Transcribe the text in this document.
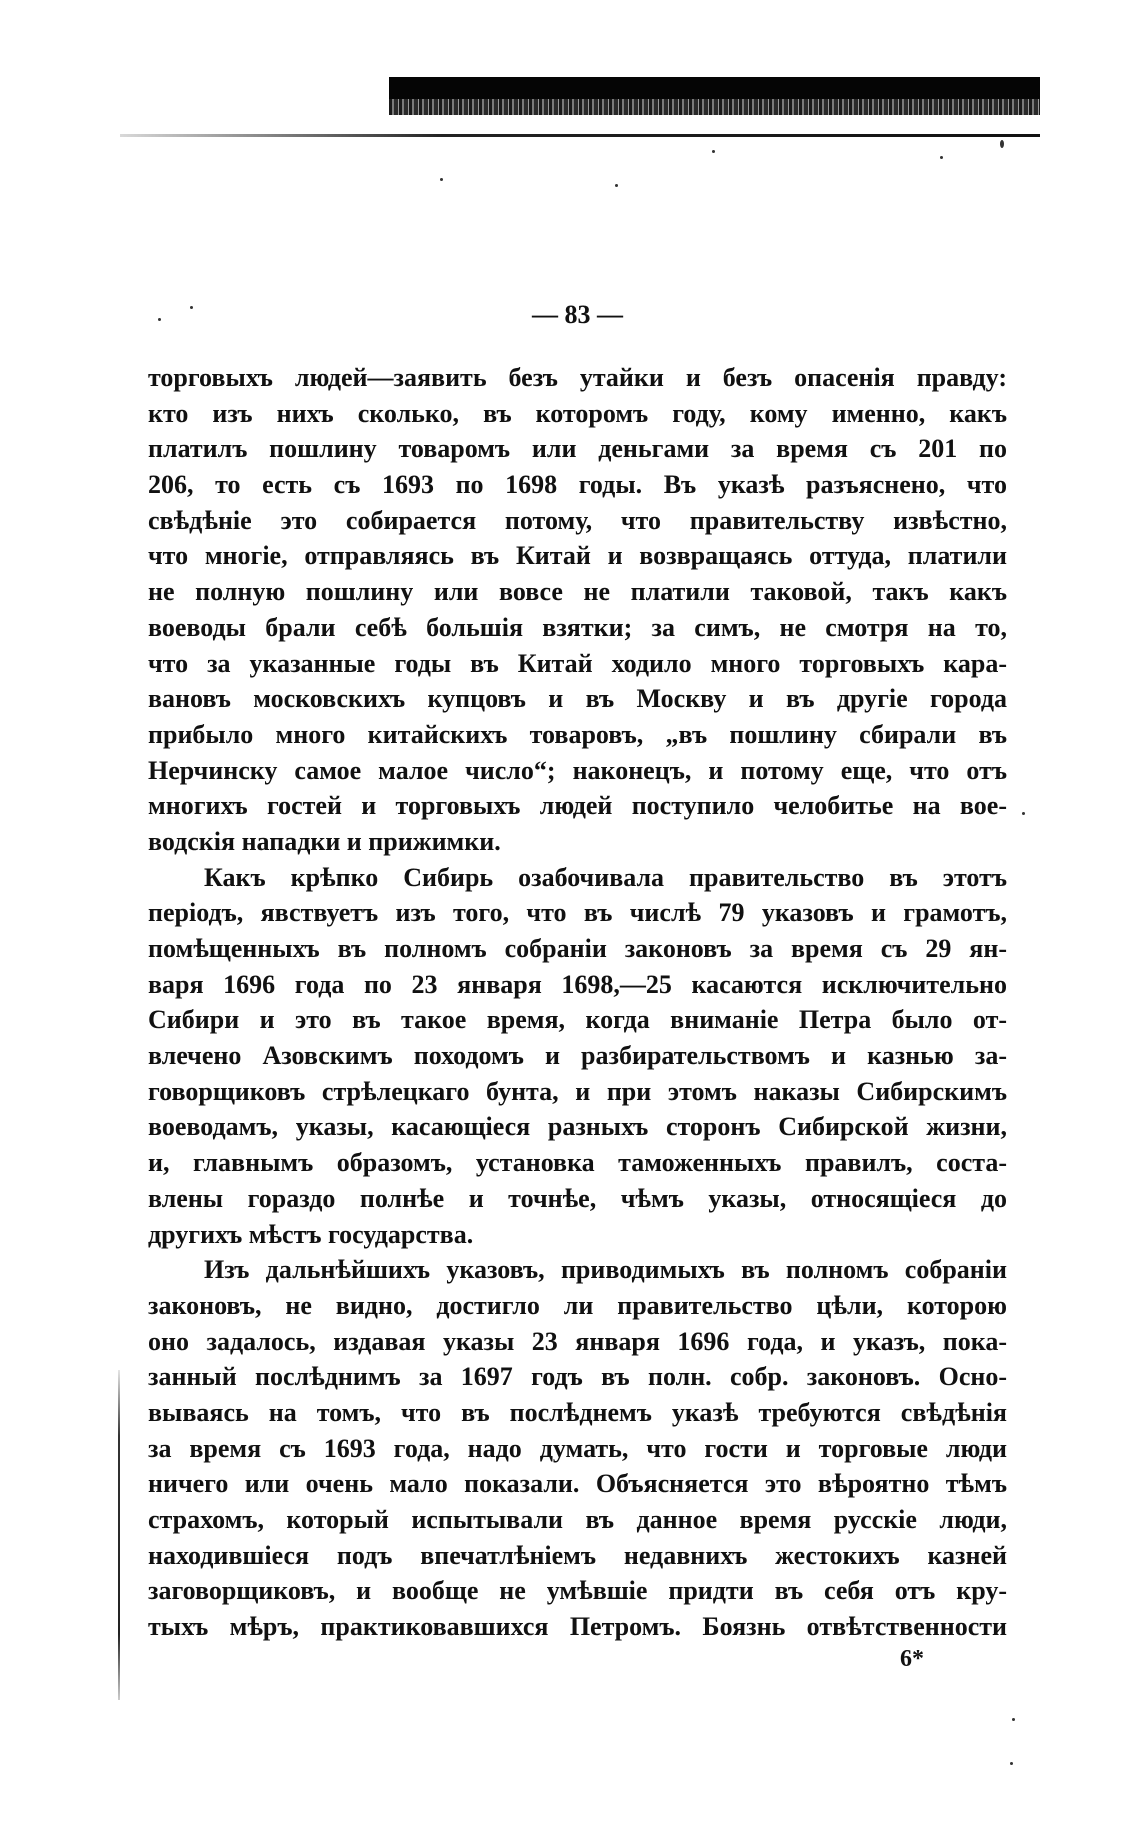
— 83 —
торговыхъ людей—заявить безъ утайки и безъ опасенія правду:
кто изъ нихъ сколько, въ которомъ году, кому именно, какъ
платилъ пошлину товаромъ или деньгами за время съ 201 по
206, то есть съ 1693 по 1698 годы. Въ указѣ разъяснено, что
свѣдѣніе это собирается потому, что правительству извѣстно,
что многіе, отправляясь въ Китай и возвращаясь оттуда, платили
не полную пошлину или вовсе не платили таковой, такъ какъ
воеводы брали себѣ большія взятки; за симъ, не смотря на то,
что за указанные годы въ Китай ходило много торговыхъ кара-
вановъ московскихъ купцовъ и въ Москву и въ другіе города
прибыло много китайскихъ товаровъ, „въ пошлину сбирали въ
Нерчинску самое малое число“; наконецъ, и потому еще, что отъ
многихъ гостей и торговыхъ людей поступило челобитье на вое-
водскія нападки и прижимки.
Какъ крѣпко Сибирь озабочивала правительство въ этотъ
періодъ, явствуетъ изъ того, что въ числѣ 79 указовъ и грамотъ,
помѣщенныхъ въ полномъ собраніи законовъ за время съ 29 ян-
варя 1696 года по 23 января 1698,—25 касаются исключительно
Сибири и это въ такое время, когда вниманіе Петра было от-
влечено Азовскимъ походомъ и разбирательствомъ и казнью за-
говорщиковъ стрѣлецкаго бунта, и при этомъ наказы Сибирскимъ
воеводамъ, указы, касающіеся разныхъ сторонъ Сибирской жизни,
и, главнымъ образомъ, установка таможенныхъ правилъ, соста-
влены гораздо полнѣе и точнѣе, чѣмъ указы, относящіеся до
другихъ мѣстъ государства.
Изъ дальнѣйшихъ указовъ, приводимыхъ въ полномъ собраніи
законовъ, не видно, достигло ли правительство цѣли, которою
оно задалось, издавая указы 23 января 1696 года, и указъ, пока-
занный послѣднимъ за 1697 годъ въ полн. собр. законовъ. Осно-
вываясь на томъ, что въ послѣднемъ указѣ требуются свѣдѣнія
за время съ 1693 года, надо думать, что гости и торговые люди
ничего или очень мало показали. Объясняется это вѣроятно тѣмъ
страхомъ, который испытывали въ данное время русскіе люди,
находившіеся подъ впечатлѣніемъ недавнихъ жестокихъ казней
заговорщиковъ, и вообще не умѣвшіе придти въ себя отъ кру-
тыхъ мѣръ, практиковавшихся Петромъ. Боязнь отвѣтственности
6*
